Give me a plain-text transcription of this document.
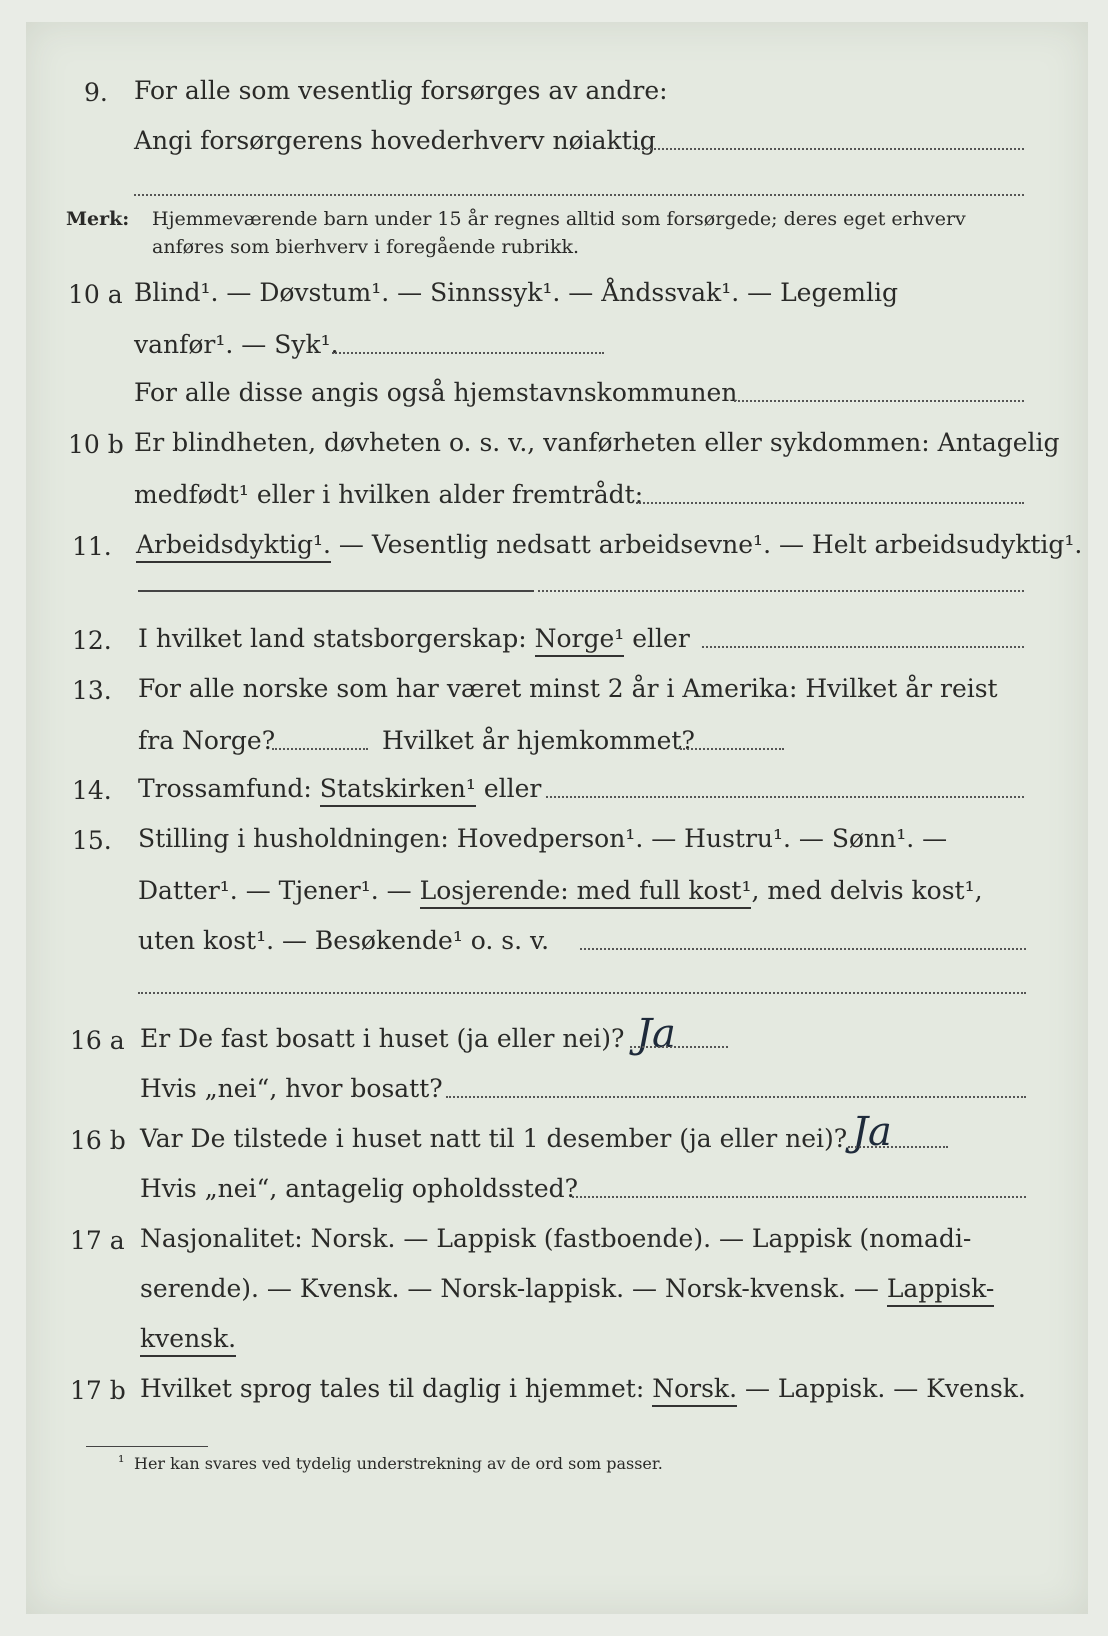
9. For alle som vesentlig forsørges av andre:
Angi forsørgerens hovederhverv nøiaktig
Merk: Hjemmeværende barn under 15 år regnes alltid som forsørgede; deres eget erhverv
anføres som bierhverv i foregående rubrikk.
10 a Blind¹. — Døvstum¹. — Sinnssyk¹. — Åndssvak¹. — Legemlig
vanfør¹. — Syk¹.
For alle disse angis også hjemstavnskommunen
10 b Er blindheten, døvheten o. s. v., vanførheten eller sykdommen: Antagelig
medfødt¹ eller i hvilken alder fremtrådt:
11. Arbeidsdyktig¹. — Vesentlig nedsatt arbeidsevne¹. — Helt arbeidsudyktig¹.
12. I hvilket land statsborgerskap: Norge¹ eller
13. For alle norske som har været minst 2 år i Amerika: Hvilket år reist
fra Norge?	Hvilket år hjemkommet?
14. Trossamfund: Statskirken¹ eller
15. Stilling i husholdningen: Hovedperson¹. — Hustru¹. — Sønn¹. —
Datter¹. — Tjener¹. — Losjerende: med full kost¹, med delvis kost¹,
uten kost¹. — Besøkende¹ o. s. v.
16 a Er De fast bosatt i huset (ja eller nei)? Ja
Hvis „nei“, hvor bosatt?
16 b Var De tilstede i huset natt til 1 desember (ja eller nei)? Ja
Hvis „nei“, antagelig opholdssted?
17 a Nasjonalitet: Norsk. — Lappisk (fastboende). — Lappisk (nomadi-
serende). — Kvensk. — Norsk-lappisk. — Norsk-kvensk. — Lappisk-
kvensk.
17 b Hvilket sprog tales til daglig i hjemmet: Norsk. — Lappisk. — Kvensk.
¹ Her kan svares ved tydelig understrekning av de ord som passer.
